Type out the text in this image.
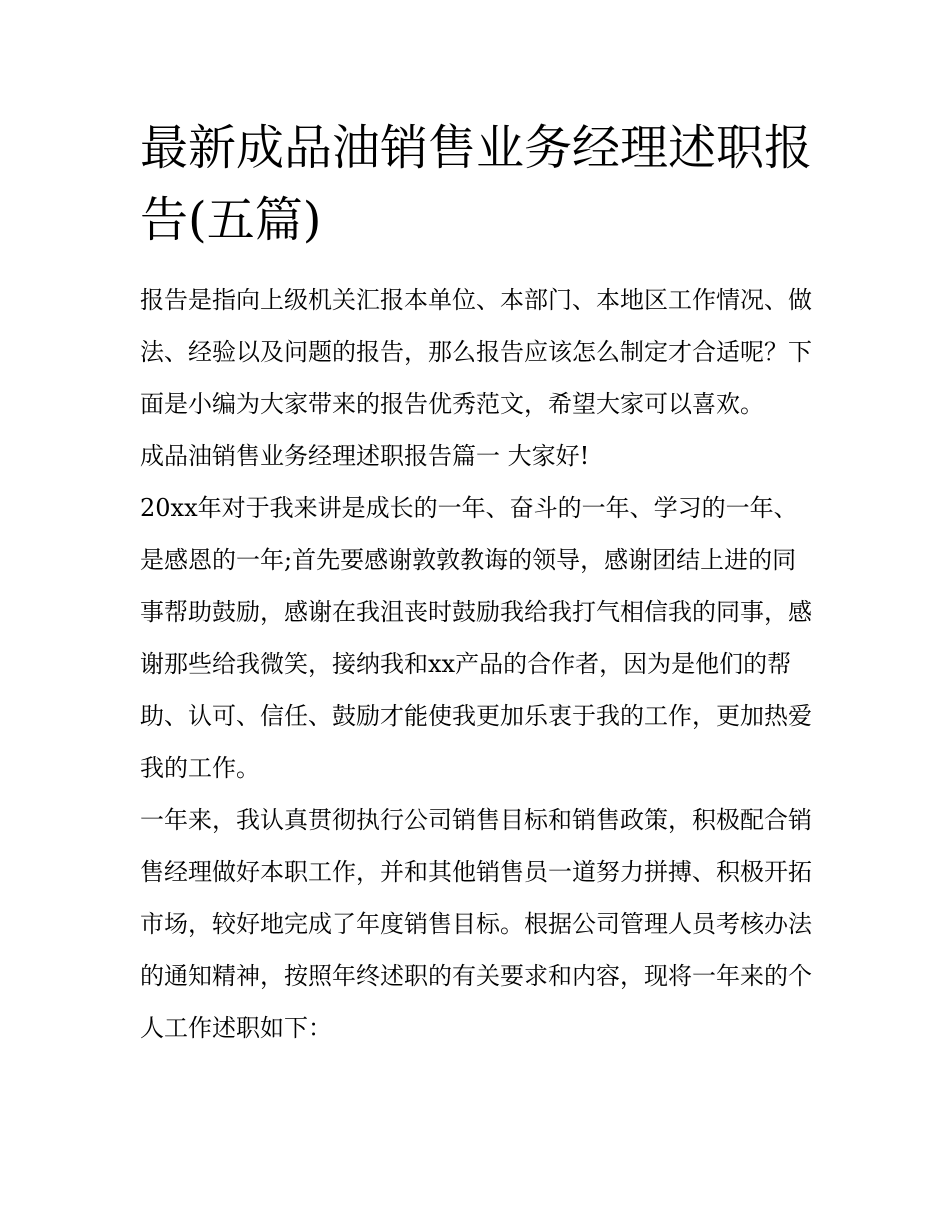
最新成品油销售业务经理述职报告(五篇)

报告是指向上级机关汇报本单位、本部门、本地区工作情况、做法、经验以及问题的报告，那么报告应该怎么制定才合适呢？下面是小编为大家带来的报告优秀范文，希望大家可以喜欢。

成品油销售业务经理述职报告篇一 大家好!

20xx年对于我来讲是成长的一年、奋斗的一年、学习的一年、是感恩的一年;首先要感谢敦敦教诲的领导，感谢团结上进的同事帮助鼓励，感谢在我沮丧时鼓励我给我打气相信我的同事，感谢那些给我微笑，接纳我和xx产品的合作者，因为是他们的帮助、认可、信任、鼓励才能使我更加乐衷于我的工作，更加热爱我的工作。

一年来，我认真贯彻执行公司销售目标和销售政策，积极配合销售经理做好本职工作，并和其他销售员一道努力拼搏、积极开拓市场，较好地完成了年度销售目标。根据公司管理人员考核办法的通知精神，按照年终述职的有关要求和内容，现将一年来的个人工作述职如下：
